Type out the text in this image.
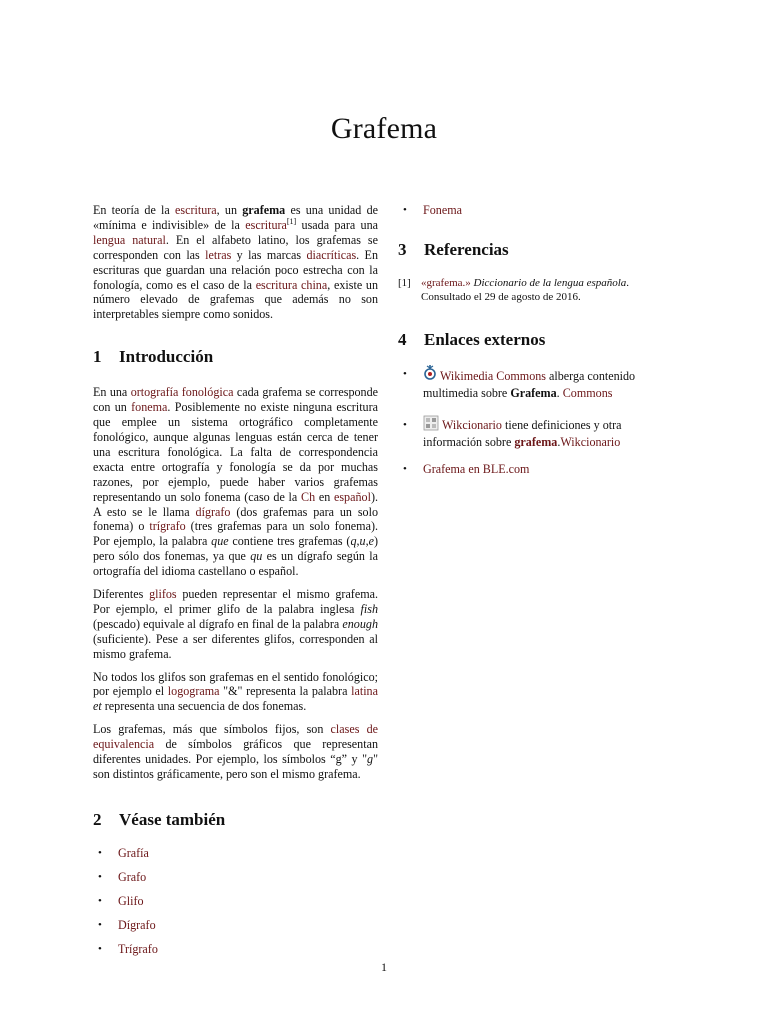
Grafema

En teoría de la escritura, un grafema es una unidad de «mínima e indivisible» de la escritura[1] usada para una lengua natural. En el alfabeto latino, los grafemas se corresponden con las letras y las marcas diacríticas. En escrituras que guardan una relación poco estrecha con la fonología, como es el caso de la escritura china, existe un número elevado de grafemas que además no son interpretables siempre como sonidos.

1 Introducción

En una ortografía fonológica cada grafema se corresponde con un fonema. Posiblemente no existe ninguna escritura que emplee un sistema ortográfico completamente fonológico, aunque algunas lenguas están cerca de tener una escritura fonológica. La falta de correspondencia exacta entre ortografía y fonología se da por muchas razones, por ejemplo, puede haber varios grafemas representando un solo fonema (caso de la Ch en español). A esto se le llama dígrafo (dos grafemas para un solo fonema) o trígrafo (tres grafemas para un solo fonema). Por ejemplo, la palabra que contiene tres grafemas (q,u,e) pero sólo dos fonemas, ya que qu es un dígrafo según la ortografía del idioma castellano o español.

Diferentes glifos pueden representar el mismo grafema. Por ejemplo, el primer glifo de la palabra inglesa fish (pescado) equivale al dígrafo en final de la palabra enough (suficiente). Pese a ser diferentes glifos, corresponden al mismo grafema.

No todos los glifos son grafemas en el sentido fonológico; por ejemplo el logograma "&" representa la palabra latina et representa una secuencia de dos fonemas.

Los grafemas, más que símbolos fijos, son clases de equivalencia de símbolos gráficos que representan diferentes unidades. Por ejemplo, los símbolos “g” y "g" son distintos gráficamente, pero son el mismo grafema.

2 Véase también
• Grafía
• Grafo
• Glifo
• Dígrafo
• Trígrafo
• Fonema
3 Referencias
[1] «grafema.» Diccionario de la lengua española. Consultado el 29 de agosto de 2016.
4 Enlaces externos
•	Wikimedia Commons alberga contenido multimedia sobre Grafema. Commons
•	Wikcionario tiene definiciones y otra información sobre grafema.Wikcionario
• Grafema en BLE.com
1
